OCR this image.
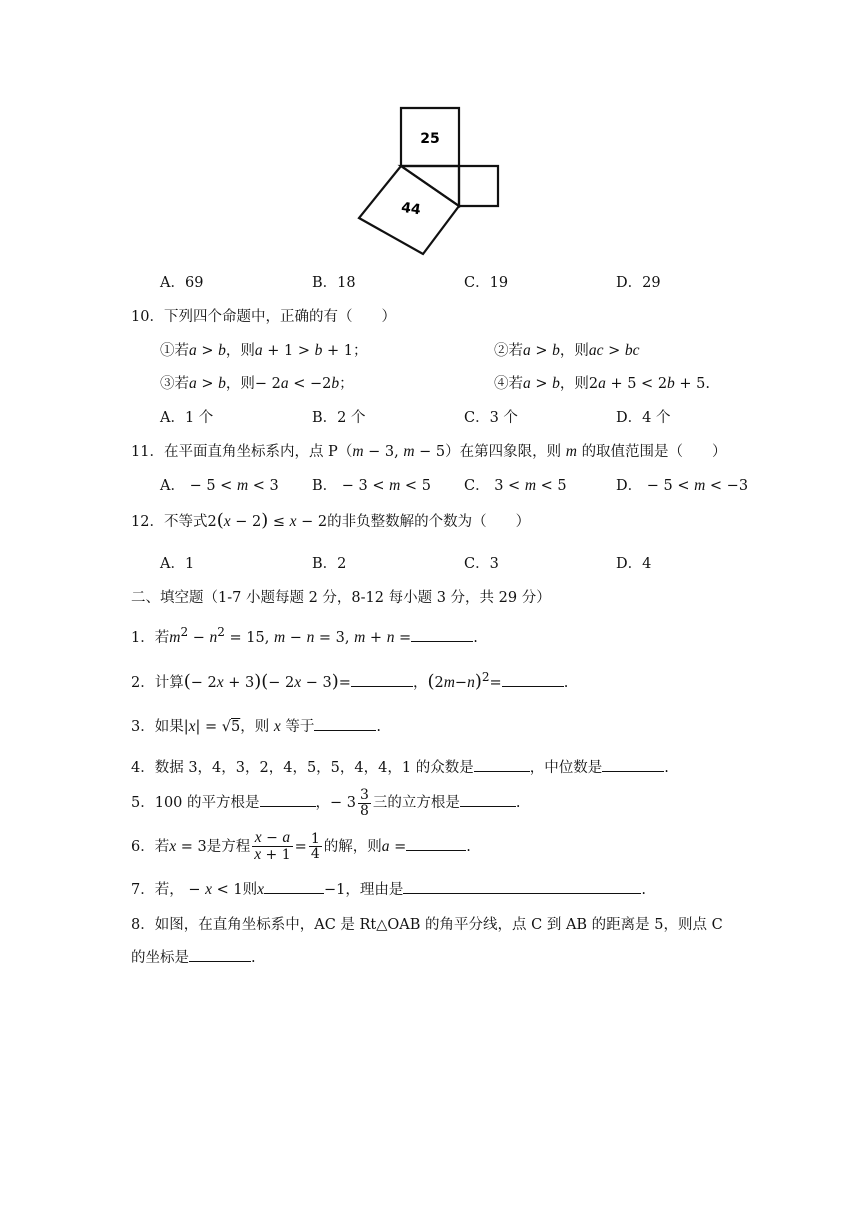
25
44
A．69	B．18	C．19	D．29
10．下列四个命题中，正确的有（　　）
①若a > b，则a + 1 > b + 1；	②若a > b，则ac > bc
③若a > b，则− 2a < −2b；	④若a > b，则2a + 5 < 2b + 5.
A．1 个	B．2 个	C．3 个	D．4 个
11．在平面直角坐标系内，点 P（m − 3, m − 5）在第四象限，则 m 的取值范围是（　　）
A． − 5 < m < 3 B． − 3 < m < 5 C． 3 < m < 5	D． − 5 < m < −3
12．不等式2(x − 2) ≤ x − 2的非负整数解的个数为（　　）
A．1	B．2	C．3	D．4
二、填空题（1-7 小题每题 2 分，8-12 每小题 3 分，共 29 分）
1．若$m^2 - n^2 = 15$, m − n = 3, m + n =	.
2．计算(− 2x + 3)(− 2x − 3)=	，$(2m-n)^2=$	.
3．如果|x| = √5，则 x 等于	.
4．数据 3，4，3，2，4，5，5，4，4，1 的众数是	，中位数是	.
5．100 的平方根是	，− $3 \frac{3}{8}$ 三的立方根是	.
6．若x = 3是方程 $\frac{x - a}{x + 1} = \frac{1}{4}$ 的解，则a =	.
7．若， − x < 1则x	−1，理由是	.
8．如图，在直角坐标系中，AC 是 Rt△OAB 的角平分线，点 C 到 AB 的距离是 5，则点 C
的坐标是	.
